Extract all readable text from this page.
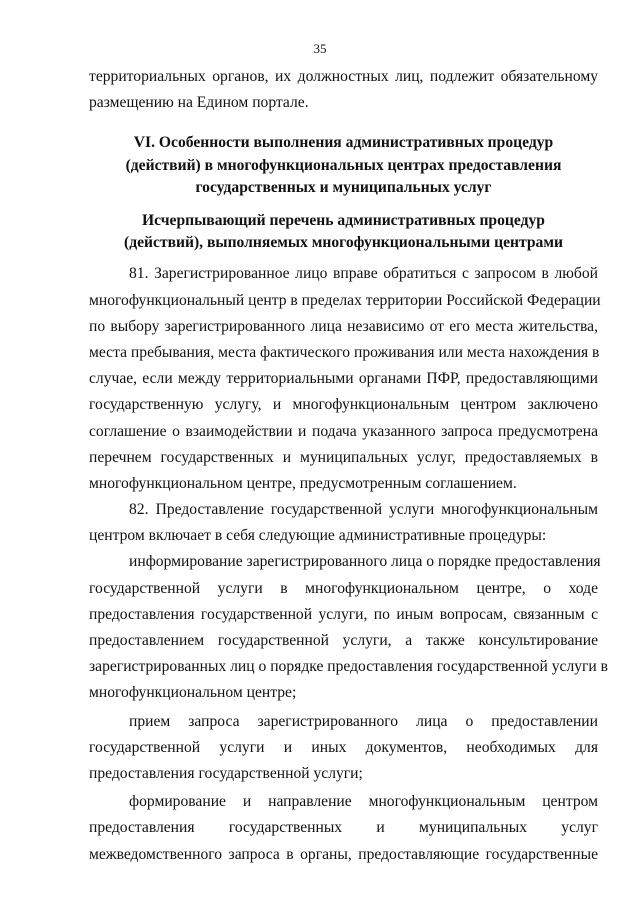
35
территориальных органов, их должностных лиц, подлежит обязательному
размещению на Едином портале.
VI. Особенности выполнения административных процедур
(действий) в многофункциональных центрах предоставления
государственных и муниципальных услуг
Исчерпывающий перечень административных процедур
(действий), выполняемых многофункциональными центрами
81. Зарегистрированное лицо вправе обратиться с запросом в любой
многофункциональный центр в пределах территории Российской Федерации
по выбору зарегистрированного лица независимо от его места жительства,
места пребывания, места фактического проживания или места нахождения в
случае, если между территориальными органами ПФР, предоставляющими
государственную услугу, и многофункциональным центром заключено
соглашение о взаимодействии и подача указанного запроса предусмотрена
перечнем государственных и муниципальных услуг, предоставляемых в
многофункциональном центре, предусмотренным соглашением.
82. Предоставление государственной услуги многофункциональным
центром включает в себя следующие административные процедуры:
информирование зарегистрированного лица о порядке предоставления
государственной услуги в многофункциональном центре, о ходе
предоставления государственной услуги, по иным вопросам, связанным с
предоставлением государственной услуги, а также консультирование
зарегистрированных лиц о порядке предоставления государственной услуги в
многофункциональном центре;
прием запроса зарегистрированного лица о предоставлении
государственной услуги и иных документов, необходимых для
предоставления государственной услуги;
формирование и направление многофункциональным центром
предоставления государственных и муниципальных услуг
межведомственного запроса в органы, предоставляющие государственные
